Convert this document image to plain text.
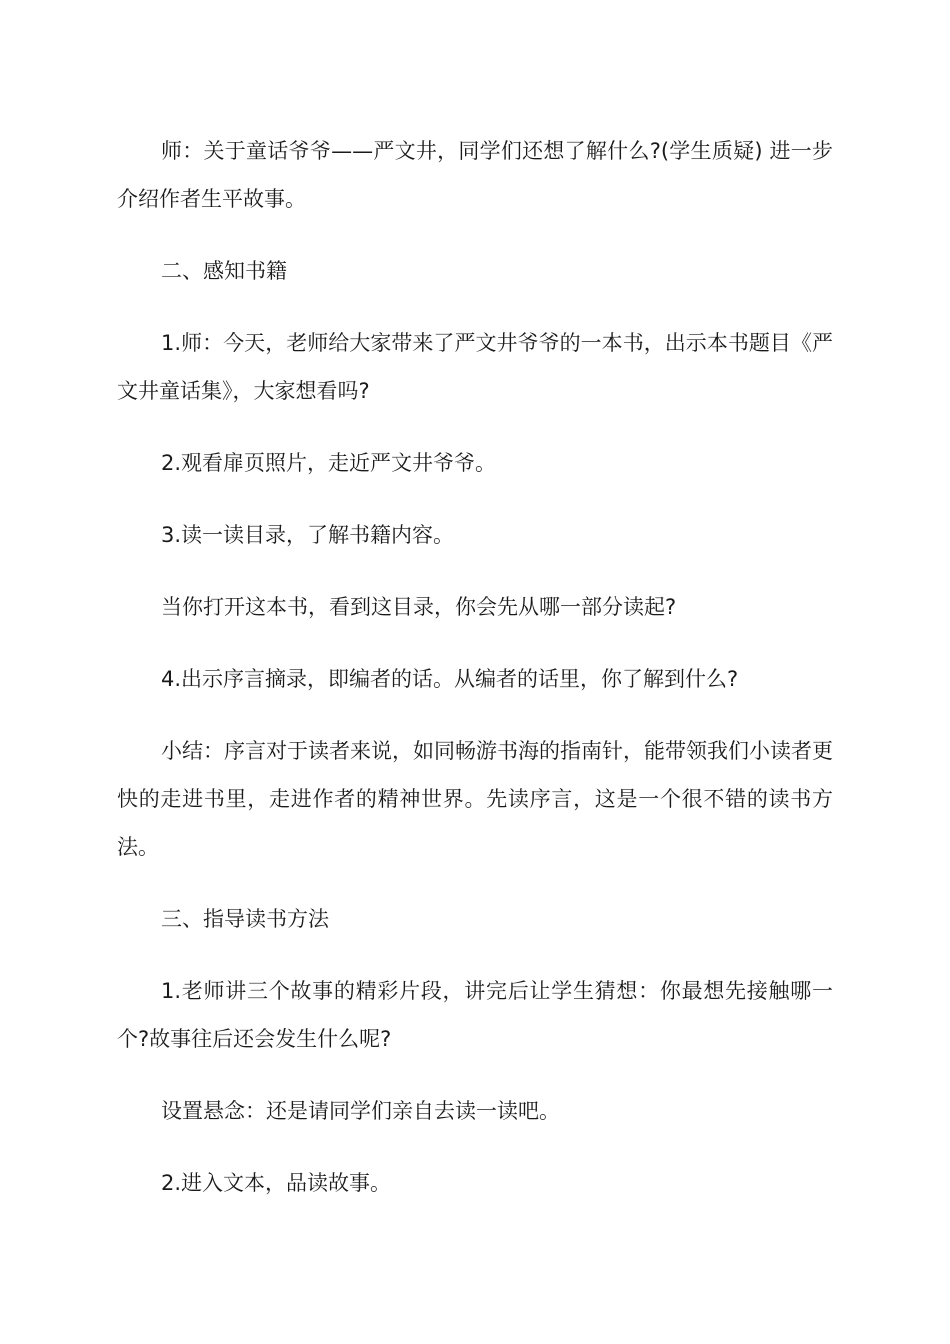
师：关于童话爷爷——严文井，同学们还想了解什么?(学生质疑) 进一步介绍作者生平故事。

二、感知书籍

1.师：今天，老师给大家带来了严文井爷爷的一本书，出示本书题目《严文井童话集》，大家想看吗?

2.观看扉页照片，走近严文井爷爷。

3.读一读目录，了解书籍内容。

当你打开这本书，看到这目录，你会先从哪一部分读起?

4.出示序言摘录，即编者的话。从编者的话里，你了解到什么?

小结：序言对于读者来说，如同畅游书海的指南针，能带领我们小读者更快的走进书里，走进作者的精神世界。先读序言，这是一个很不错的读书方法。

三、指导读书方法

1.老师讲三个故事的精彩片段，讲完后让学生猜想：你最想先接触哪一个?故事往后还会发生什么呢?

设置悬念：还是请同学们亲自去读一读吧。

2.进入文本，品读故事。
